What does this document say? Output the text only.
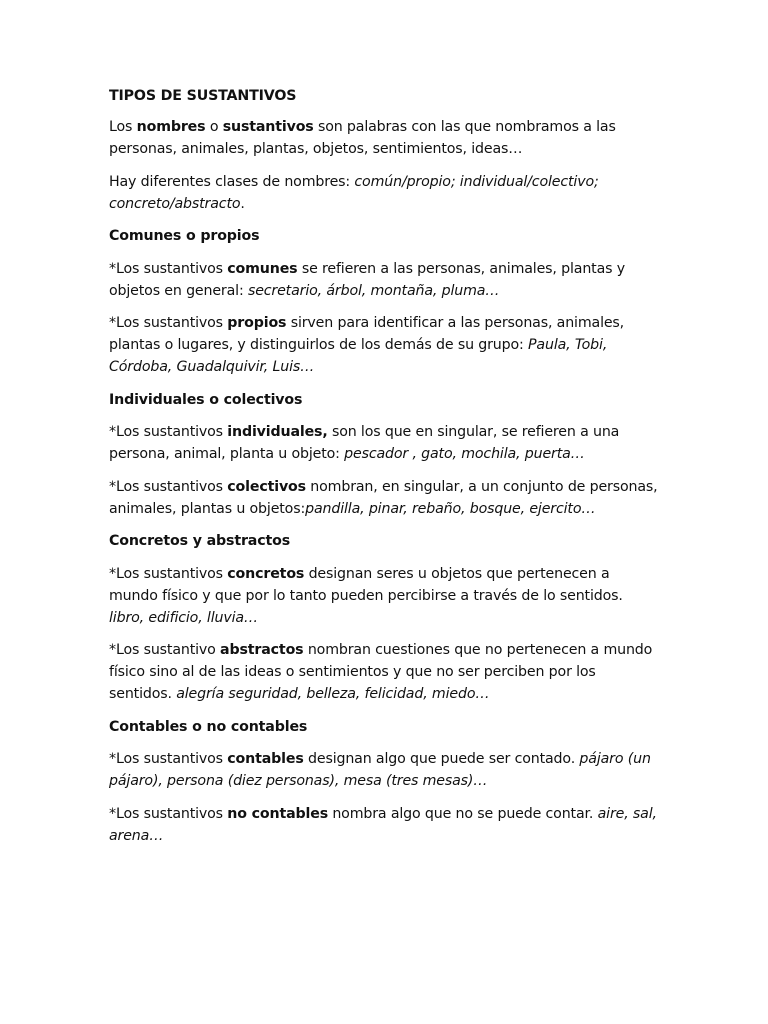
TIPOS DE SUSTANTIVOS

Los nombres o sustantivos son palabras con las que nombramos a las personas, animales, plantas, objetos, sentimientos, ideas…

Hay diferentes clases de nombres: común/propio; individual/colectivo; concreto/abstracto.

Comunes o propios

*Los sustantivos comunes se refieren a las personas, animales, plantas y objetos en general: secretario, árbol, montaña, pluma…

*Los sustantivos propios sirven para identificar a las personas, animales, plantas o lugares, y distinguirlos de los demás de su grupo: Paula, Tobi, Córdoba, Guadalquivir, Luis…

Individuales o colectivos

*Los sustantivos individuales, son los que en singular, se refieren a una persona, animal, planta u objeto: pescador , gato, mochila, puerta…

*Los sustantivos colectivos nombran, en singular, a un conjunto de personas, animales, plantas u objetos:pandilla, pinar, rebaño, bosque, ejercito…

Concretos y abstractos

*Los sustantivos concretos designan seres u objetos que pertenecen a mundo físico y que por lo tanto pueden percibirse a través de lo sentidos. libro, edificio, lluvia…

*Los sustantivo abstractos nombran cuestiones que no pertenecen a mundo físico sino al de las ideas o sentimientos y que no ser perciben por los sentidos. alegría seguridad, belleza, felicidad, miedo…

Contables o no contables

*Los sustantivos contables designan algo que puede ser contado. pájaro (un pájaro), persona (diez personas), mesa (tres mesas)…

*Los sustantivos no contables nombra algo que no se puede contar. aire, sal, arena…
